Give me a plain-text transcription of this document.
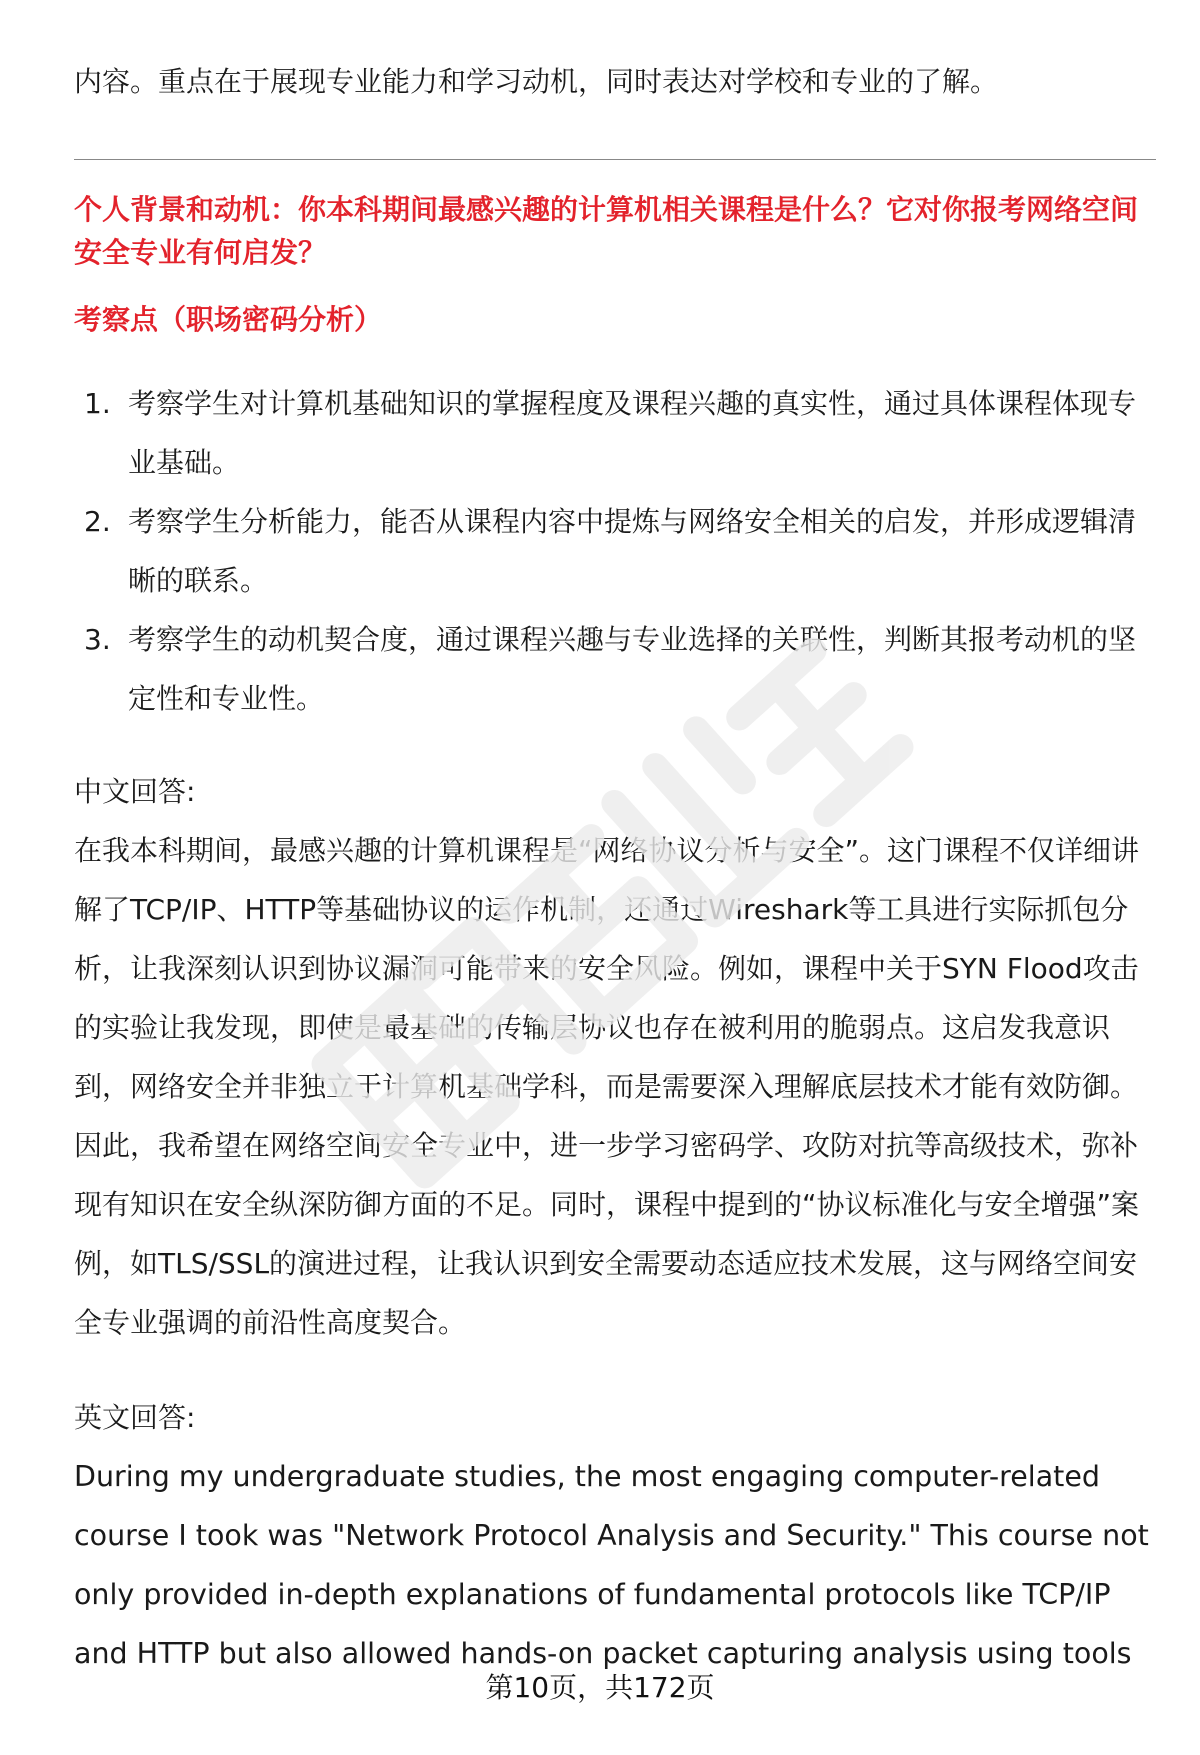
内容。重点在于展现专业能力和学习动机，同时表达对学校和专业的了解。

个人背景和动机：你本科期间最感兴趣的计算机相关课程是什么？它对你报考网络空间安全专业有何启发？

考察点（职场密码分析）

1. 考察学生对计算机基础知识的掌握程度及课程兴趣的真实性，通过具体课程体现专业基础。
2. 考察学生分析能力，能否从课程内容中提炼与网络安全相关的启发，并形成逻辑清晰的联系。
3. 考察学生的动机契合度，通过课程兴趣与专业选择的关联性，判断其报考动机的坚定性和专业性。

中文回答:

在我本科期间，最感兴趣的计算机课程是“网络协议分析与安全”。这门课程不仅详细讲解了TCP/IP、HTTP等基础协议的运作机制，还通过Wireshark等工具进行实际抓包分析，让我深刻认识到协议漏洞可能带来的安全风险。例如，课程中关于SYN Flood攻击的实验让我发现，即使是最基础的传输层协议也存在被利用的脆弱点。这启发我意识到，网络安全并非独立于计算机基础学科，而是需要深入理解底层技术才能有效防御。因此，我希望在网络空间安全专业中，进一步学习密码学、攻防对抗等高级技术，弥补现有知识在安全纵深防御方面的不足。同时，课程中提到的“协议标准化与安全增强”案例，如TLS/SSL的演进过程，让我认识到安全需要动态适应技术发展，这与网络空间安全专业强调的前沿性高度契合。

英文回答:

During my undergraduate studies, the most engaging computer-related course I took was "Network Protocol Analysis and Security." This course not only provided in-depth explanations of fundamental protocols like TCP/IP and HTTP but also allowed hands-on packet capturing analysis using tools

第10页，共172页
